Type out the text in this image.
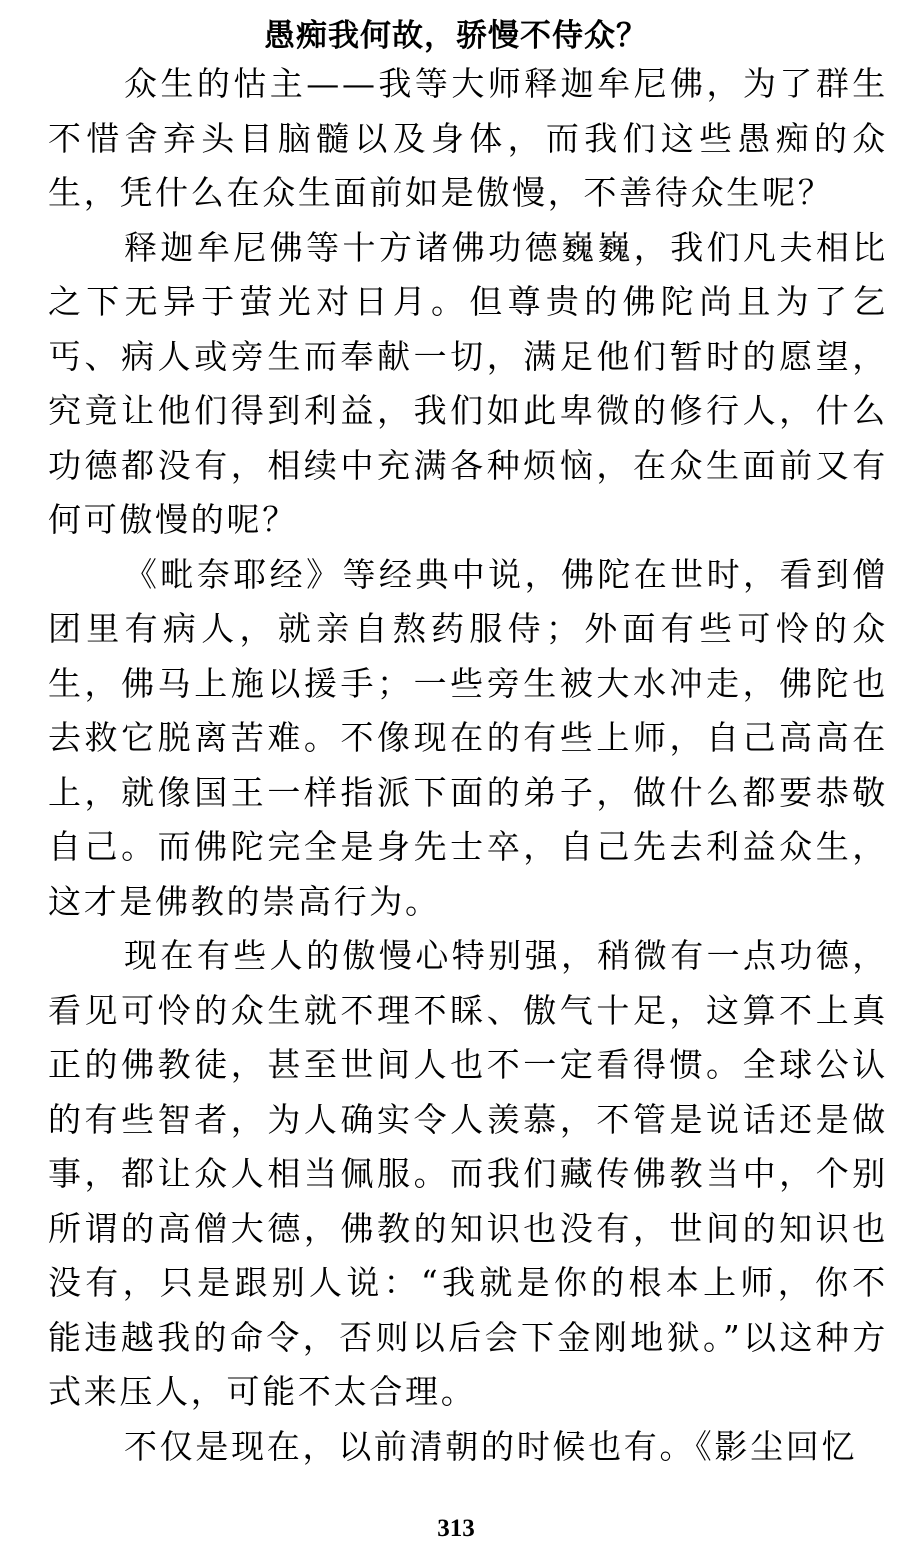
愚痴我何故，骄慢不侍众？

众生的怙主——我等大师释迦牟尼佛，为了群生不惜舍弃头目脑髓以及身体，而我们这些愚痴的众生，凭什么在众生面前如是傲慢，不善待众生呢？

释迦牟尼佛等十方诸佛功德巍巍，我们凡夫相比之下无异于萤光对日月。但尊贵的佛陀尚且为了乞丐、病人或旁生而奉献一切，满足他们暂时的愿望，究竟让他们得到利益，我们如此卑微的修行人，什么功德都没有，相续中充满各种烦恼，在众生面前又有何可傲慢的呢？

《毗奈耶经》等经典中说，佛陀在世时，看到僧团里有病人，就亲自熬药服侍；外面有些可怜的众生，佛马上施以援手；一些旁生被大水冲走，佛陀也去救它脱离苦难。不像现在的有些上师，自己高高在上，就像国王一样指派下面的弟子，做什么都要恭敬自己。而佛陀完全是身先士卒，自己先去利益众生，这才是佛教的崇高行为。

现在有些人的傲慢心特别强，稍微有一点功德，看见可怜的众生就不理不睬、傲气十足，这算不上真正的佛教徒，甚至世间人也不一定看得惯。全球公认的有些智者，为人确实令人羡慕，不管是说话还是做事，都让众人相当佩服。而我们藏传佛教当中，个别所谓的高僧大德，佛教的知识也没有，世间的知识也没有，只是跟别人说：“我就是你的根本上师，你不能违越我的命令，否则以后会下金刚地狱。”以这种方式来压人，可能不太合理。

不仅是现在，以前清朝的时候也有。《影尘回忆

313
